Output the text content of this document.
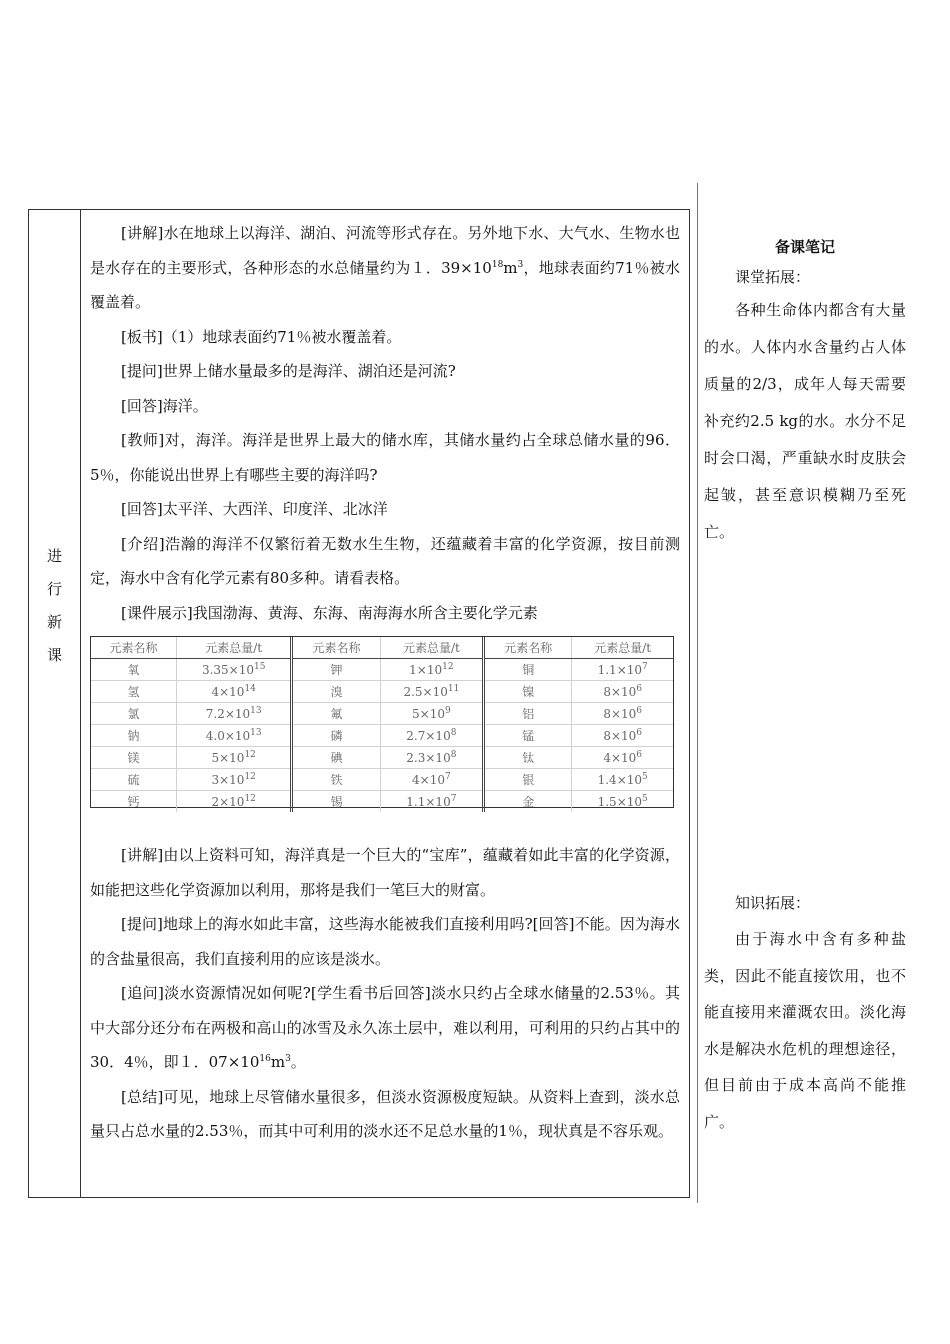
进
行
新
课

[讲解]水在地球上以海洋、湖泊、河流等形式存在。另外地下水、大气水、生物水也是水存在的主要形式，各种形态的水总储量约为１．$39\times 10^{18}m^3$，地球表面约71％被水覆盖着。

[板书]（1）地球表面约71％被水覆盖着。

[提问]世界上储水量最多的是海洋、湖泊还是河流?

[回答]海洋。

[教师]对，海洋。海洋是世界上最大的储水库，其储水量约占全球总储水量的96．5％，你能说出世界上有哪些主要的海洋吗?

[回答]太平洋、大西洋、印度洋、北冰洋

[介绍]浩瀚的海洋不仅繁衍着无数水生生物，还蕴藏着丰富的化学资源，按目前测定，海水中含有化学元素有80多种。请看表格。

[课件展示]我国渤海、黄海、东海、南海海水所含主要化学元素

元素名称	元素总量/t	元素名称	元素总量/t	元素名称	元素总量/t
氧	$3.35\times 10^{15}$	钾	$1\times 10^{12}$	铜	$1.1\times 10^7$
氢	$4\times 10^{14}$	溴	$2.5\times 10^{11}$	镍	$8\times 10^6$
氯	$7.2\times 10^{13}$	氟	$5\times 10^9$	铝	$8\times 10^6$
钠	$4.0\times 10^{13}$	磷	$2.7\times 10^8$	锰	$8\times 10^6$
镁	$5\times 10^{12}$	碘	$2.3\times 10^8$	钛	$4\times 10^6$
硫	$3\times 10^{12}$	铁	$4\times 10^7$	银	$1.4\times 10^5$
钙	$2\times 10^{12}$	锡	$1.1\times 10^7$	金	$1.5\times 10^5$

[讲解]由以上资料可知，海洋真是一个巨大的“宝库”，蕴藏着如此丰富的化学资源，如能把这些化学资源加以利用，那将是我们一笔巨大的财富。

[提问]地球上的海水如此丰富，这些海水能被我们直接利用吗?[回答]不能。因为海水的含盐量很高，我们直接利用的应该是淡水。

[追问]淡水资源情况如何呢?[学生看书后回答]淡水只约占全球水储量的2.53％。其中大部分还分布在两极和高山的冰雪及永久冻土层中，难以利用，可利用的只约占其中的30．4％，即１．$07\times 10^{16}m^3$。

[总结]可见，地球上尽管储水量很多，但淡水资源极度短缺。从资料上查到，淡水总量只占总水量的2.53％，而其中可利用的淡水还不足总水量的1％，现状真是不容乐观。

备课笔记
课堂拓展：

各种生命体内都含有大量的水。人体内水含量约占人体质量的2/3，成年人每天需要补充约2.5 kg的水。水分不足时会口渴，严重缺水时皮肤会起皱，甚至意识模糊乃至死亡。

知识拓展：

由于海水中含有多种盐类，因此不能直接饮用，也不能直接用来灌溉农田。淡化海水是解决水危机的理想途径，但目前由于成本高尚不能推广。
